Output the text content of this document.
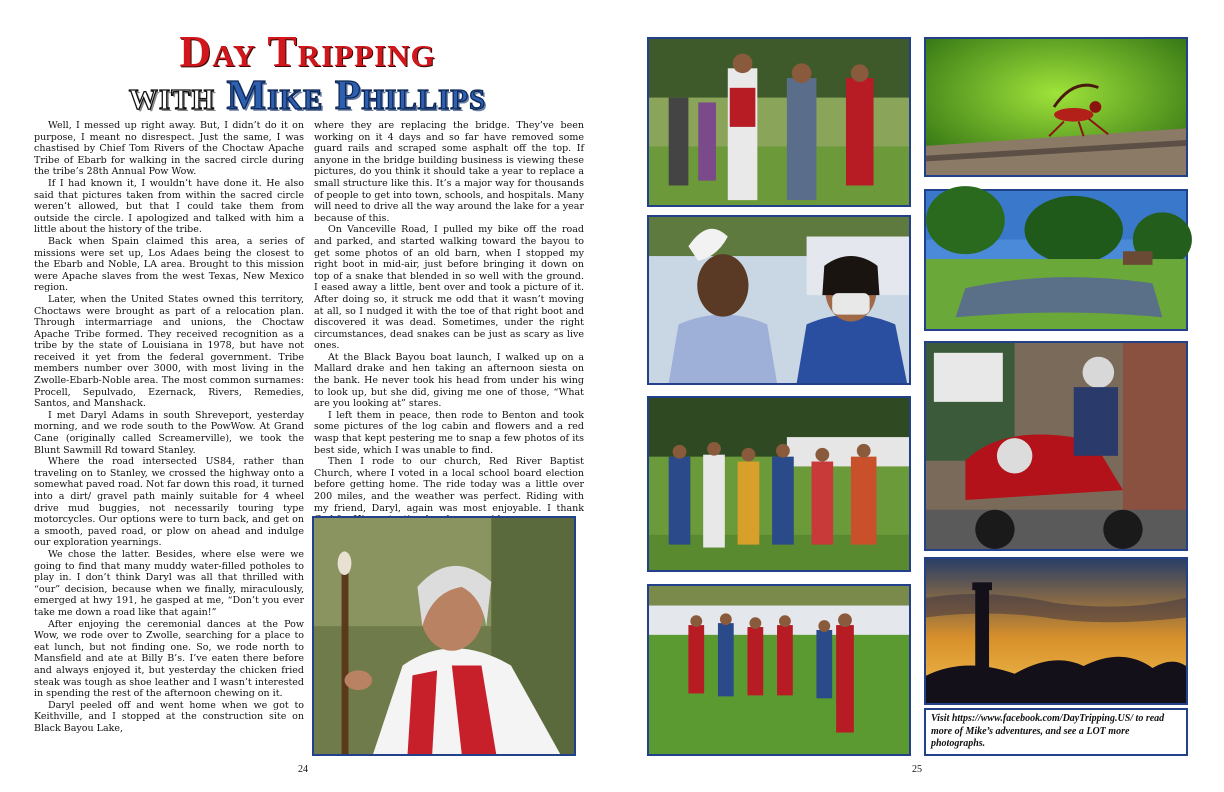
Day Tripping
with Mike Phillips

Well, I messed up right away. But, I didn’t do it on purpose, I meant no disrespect. Just the same, I was chastised by Chief Tom Rivers of the Choctaw Apache Tribe of Ebarb for walking in the sacred circle during the tribe’s 28th Annual Pow Wow.

If I had known it, I wouldn’t have done it. He also said that pictures taken from within the sacred circle weren’t allowed, but that I could take them from outside the circle. I apologized and talked with him a little about the history of the tribe.

Back when Spain claimed this area, a series of missions were set up, Los Adaes being the closest to the Ebarb and Noble, LA area. Brought to this mission were Apache slaves from the west Texas, New Mexico region.

Later, when the United States owned this territory, Choctaws were brought as part of a relocation plan. Through intermarriage and unions, the Choctaw Apache Tribe formed. They received recognition as a tribe by the state of Louisiana in 1978, but have not received it yet from the federal government. Tribe members number over 3000, with most living in the Zwolle-Ebarb-Noble area. The most common surnames: Procell, Sepulvado, Ezernack, Rivers, Remedies, Santos, and Manshack.

I met Daryl Adams in south Shreveport, yesterday morning, and we rode south to the PowWow. At Grand Cane (originally called Screamerville), we took the Blunt Sawmill Rd toward Stanley.

Where the road intersected US84, rather than traveling on to Stanley, we crossed the highway onto a somewhat paved road. Not far down this road, it turned into a dirt/ gravel path mainly suitable for 4 wheel drive mud buggies, not necessarily touring type motorcycles. Our options were to turn back, and get on a smooth, paved road, or plow on ahead and indulge our exploration yearnings.

We chose the latter. Besides, where else were we going to find that many muddy water-filled potholes to play in. I don’t think Daryl was all that thrilled with “our” decision, because when we finally, miraculously, emerged at hwy 191, he gasped at me, “Don’t you ever take me down a road like that again!”

After enjoying the ceremonial dances at the Pow Wow, we rode over to Zwolle, searching for a place to eat lunch, but not finding one. So, we rode north to Mansfield and ate at Billy B’s. I’ve eaten there before and always enjoyed it, but yesterday the chicken fried steak was tough as shoe leather and I wasn’t interested in spending the rest of the afternoon chewing on it.

Daryl peeled off and went home when we got to Keithville, and I stopped at the construction site on Black Bayou Lake,

where they are replacing the bridge. They’ve been working on it 4 days and so far have removed some guard rails and scraped some asphalt off the top. If anyone in the bridge building business is viewing these pictures, do you think it should take a year to replace a small structure like this. It’s a major way for thousands of people to get into town, schools, and hospitals. Many will need to drive all the way around the lake for a year because of this.

On Vanceville Road, I pulled my bike off the road and parked, and started walking toward the bayou to get some photos of an old barn, when I stopped my right boot in mid-air, just before bringing it down on top of a snake that blended in so well with the ground. I eased away a little, bent over and took a picture of it. After doing so, it struck me odd that it wasn’t moving at all, so I nudged it with the toe of that right boot and discovered it was dead. Sometimes, under the right circumstances, dead snakes can be just as scary as live ones.

At the Black Bayou boat launch, I walked up on a Mallard drake and hen taking an afternoon siesta on the bank. He never took his head from under his wing to look up, but she did, giving me one of those, “What are you looking at” stares.

I left them in peace, then rode to Benton and took some pictures of the log cabin and flowers and a red wasp that kept pestering me to snap a few photos of its best side, which I was unable to find.

Then I rode to our church, Red River Baptist Church, where I voted in a local school board election before getting home. The ride today was a little over 200 miles, and the weather was perfect. Riding with my friend, Daryl, again was most enjoyable. I thank

Visit https://www.facebook.com/DayTripping.US/ to read more of Mike’s adventures, and see a LOT more photographs.
24	25
